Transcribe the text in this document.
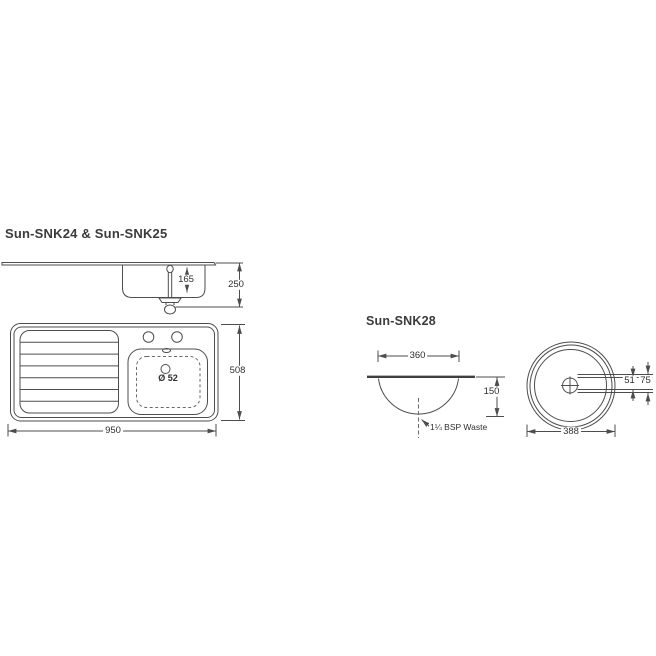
Sun-SNK24 & Sun-SNK25
Sun-SNK28
165	250
950
508
Ø 52
360
150
51 75
388
1¼ BSP Waste
